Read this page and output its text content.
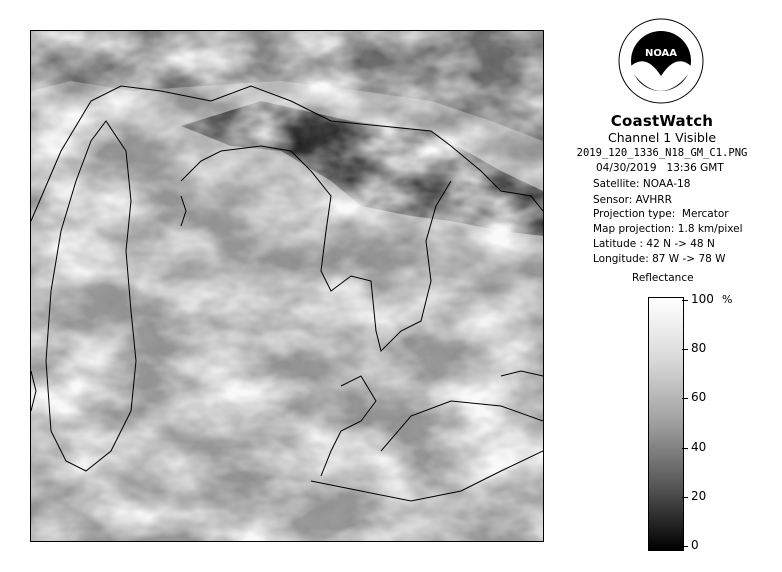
NOAA
CoastWatch
Channel 1 Visible
2019_120_1336_N18_GM_C1.PNG
04/30/2019   13:36 GMT
Satellite: NOAA-18
Sensor: AVHRR
Projection type:  Mercator
Map projection: 1.8 km/pixel
Latitude : 42 N -> 48 N
Longitude: 87 W -> 78 W
Reflectance
%
100
80
60
40
20
0
